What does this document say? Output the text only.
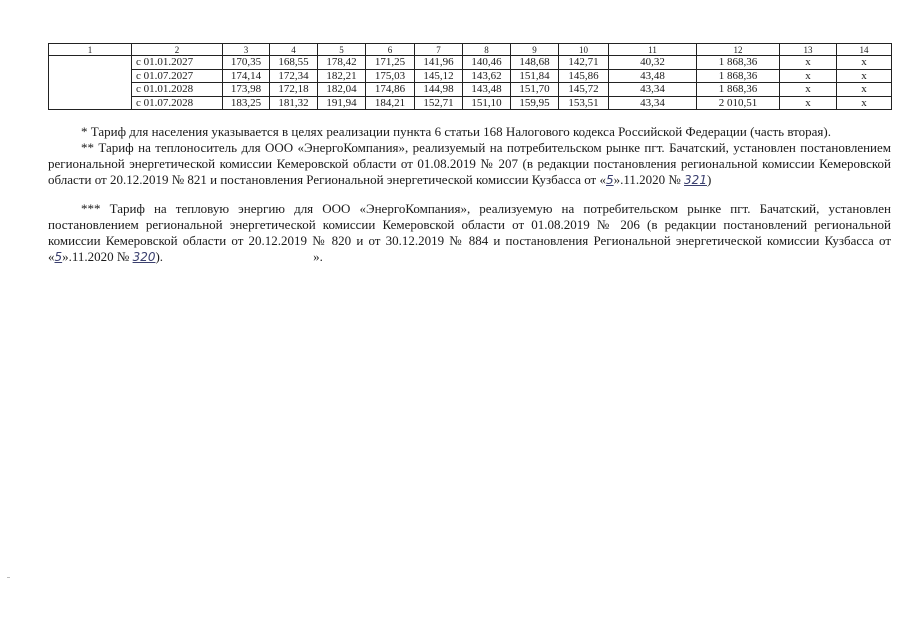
1	2	3	4	5	6	7	8	9	10	11	12	13	14
	с 01.01.2027	170,35	168,55	178,42	171,25	141,96	140,46	148,68	142,71	40,32	1 868,36	х	х
	с 01.07.2027	174,14	172,34	182,21	175,03	145,12	143,62	151,84	145,86	43,48	1 868,36	х	х
	с 01.01.2028	173,98	172,18	182,04	174,86	144,98	143,48	151,70	145,72	43,34	1 868,36	х	х
	с 01.07.2028	183,25	181,32	191,94	184,21	152,71	151,10	159,95	153,51	43,34	2 010,51	х	х

* Тариф для населения указывается в целях реализации пункта 6 статьи 168 Налогового кодекса Российской Федерации (часть вторая).

** Тариф на теплоноситель для ООО «ЭнергоКомпания», реализуемый на потребительском рынке пгт. Бачатский, установлен постановлением региональной энергетической комиссии Кемеровской области от 01.08.2019 № 207 (в редакции постановления региональной комиссии Кемеровской области от 20.12.2019 № 821 и постановления Региональной энергетической комиссии Кузбасса от «5».11.2020 № 321)

*** Тариф на тепловую энергию для ООО «ЭнергоКомпания», реализуемую на потребительском рынке пгт. Бачатский, установлен постановлением региональной энергетической комиссии Кемеровской области от 01.08.2019 № 206 (в редакции постановлений региональной комиссии Кемеровской области от 20.12.2019 № 820 и от 30.12.2019 № 884 и постановления Региональной энергетической комиссии Кузбасса от «5».11.2020 № 320).	».
